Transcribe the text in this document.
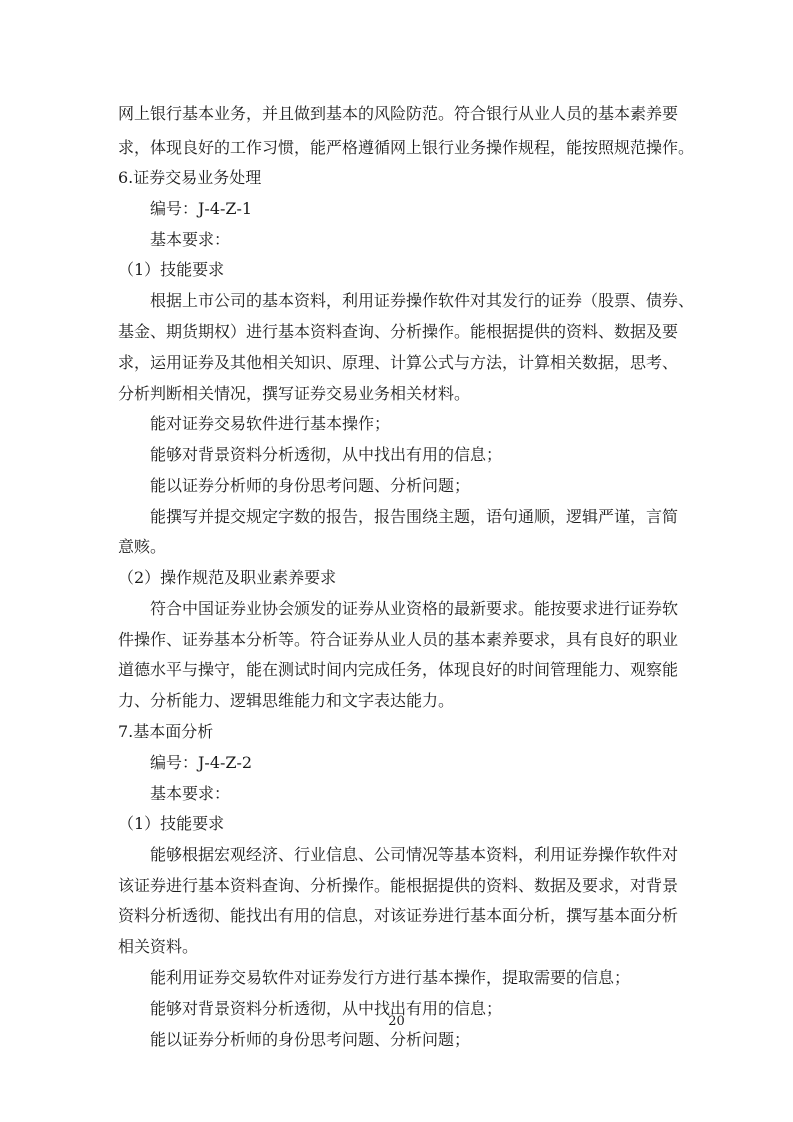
网上银行基本业务，并且做到基本的风险防范。符合银行从业人员的基本素养要
求，体现良好的工作习惯，能严格遵循网上银行业务操作规程，能按照规范操作。
6.证券交易业务处理
编号：J-4-Z-1
基本要求：
（1）技能要求
根据上市公司的基本资料，利用证券操作软件对其发行的证券（股票、债券、
基金、期货期权）进行基本资料查询、分析操作。能根据提供的资料、数据及要
求，运用证券及其他相关知识、原理、计算公式与方法，计算相关数据，思考、
分析判断相关情况，撰写证券交易业务相关材料。
能对证券交易软件进行基本操作；
能够对背景资料分析透彻，从中找出有用的信息；
能以证券分析师的身份思考问题、分析问题；
能撰写并提交规定字数的报告，报告围绕主题，语句通顺，逻辑严谨，言简
意赅。
（2）操作规范及职业素养要求
符合中国证券业协会颁发的证券从业资格的最新要求。能按要求进行证券软
件操作、证券基本分析等。符合证券从业人员的基本素养要求，具有良好的职业
道德水平与操守，能在测试时间内完成任务，体现良好的时间管理能力、观察能
力、分析能力、逻辑思维能力和文字表达能力。
7.基本面分析
编号：J-4-Z-2
基本要求：
（1）技能要求
能够根据宏观经济、行业信息、公司情况等基本资料，利用证券操作软件对
该证券进行基本资料查询、分析操作。能根据提供的资料、数据及要求，对背景
资料分析透彻、能找出有用的信息，对该证券进行基本面分析，撰写基本面分析
相关资料。
能利用证券交易软件对证券发行方进行基本操作，提取需要的信息；
能够对背景资料分析透彻，从中找出有用的信息；
能以证券分析师的身份思考问题、分析问题；
20
